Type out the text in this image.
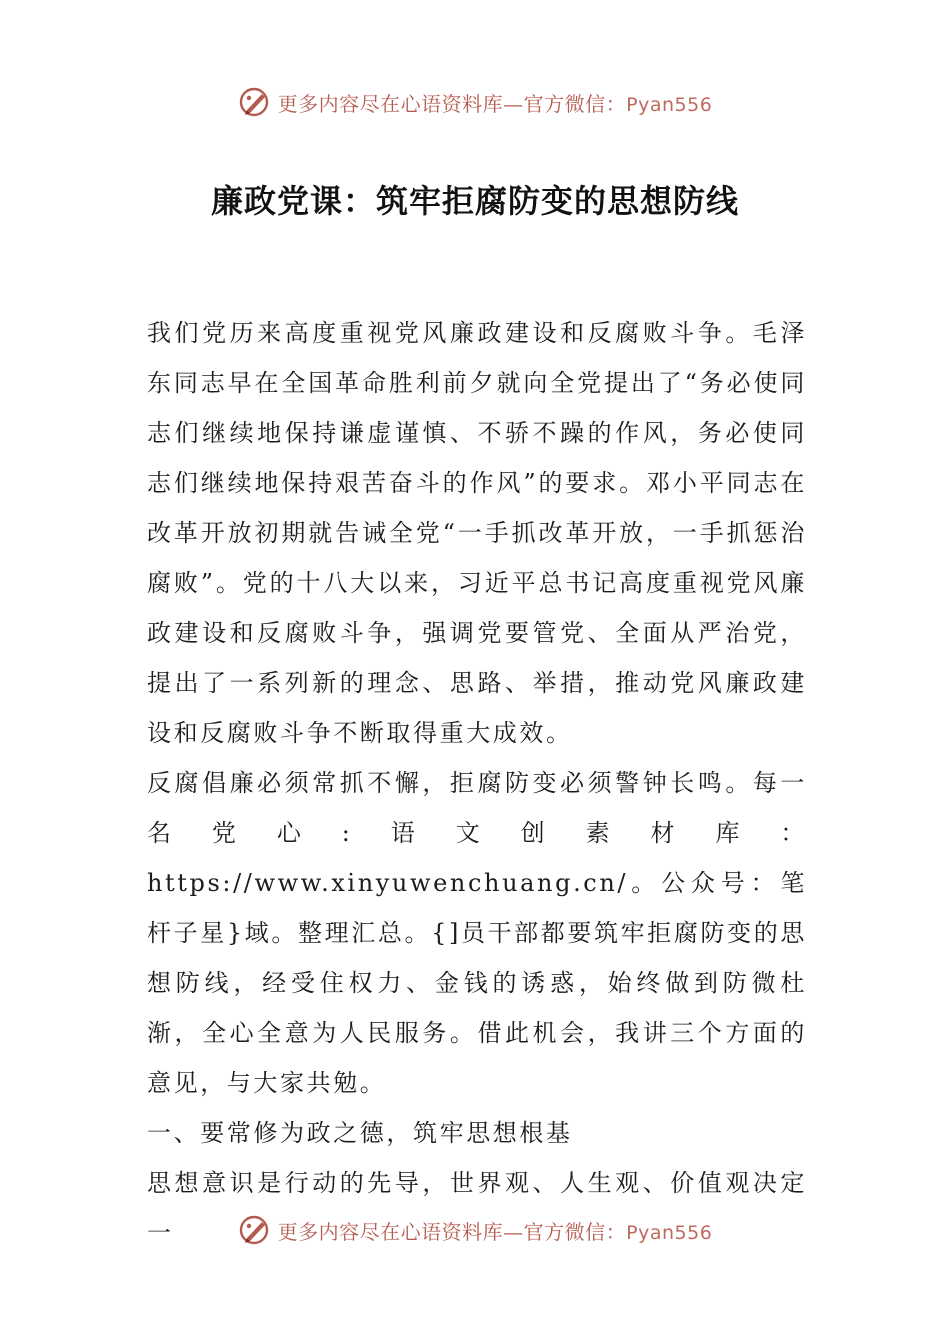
更多内容尽在心语资料库—官方微信：Pyan556
廉政党课：筑牢拒腐防变的思想防线

我们党历来高度重视党风廉政建设和反腐败斗争。毛泽东同志早在全国革命胜利前夕就向全党提出了“务必使同志们继续地保持谦虚谨慎、不骄不躁的作风，务必使同志们继续地保持艰苦奋斗的作风”的要求。邓小平同志在改革开放初期就告诫全党“一手抓改革开放，一手抓惩治腐败”。党的十八大以来，习近平总书记高度重视党风廉政建设和反腐败斗争，强调党要管党、全面从严治党，提出了一系列新的理念、思路、举措，推动党风廉政建设和反腐败斗争不断取得重大成效。

反腐倡廉必须常抓不懈，拒腐防变必须警钟长鸣。每一名党心:语文创素材库：https://www.xinyuwenchuang.cn/。公众号：笔杆子星}域。整理汇总。{]员干部都要筑牢拒腐防变的思想防线，经受住权力、金钱的诱惑，始终做到防微杜渐，全心全意为人民服务。借此机会，我讲三个方面的意见，与大家共勉。

一、要常修为政之德，筑牢思想根基

思想意识是行动的先导，世界观、人生观、价值观决定一	更多内容尽在心语资料库—官方微信：Pyan556
